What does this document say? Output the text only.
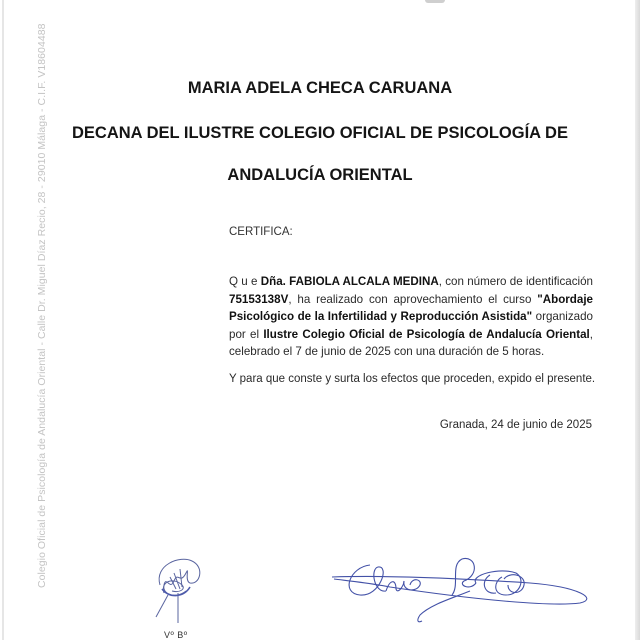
Colegio Oficial de Psicología de Andalucía Oriental - Calle Dr. Miguel Díaz Recio, 28 - 29010 Málaga - C.I.F. V18604488	MARIA ADELA CHECA CARUANA
DECANA DEL ILUSTRE COLEGIO OFICIAL DE PSICOLOGÍA DE
ANDALUCÍA ORIENTAL
CERTIFICA:
Q u e Dña. FABIOLA ALCALA MEDINA, con número de identificación 75153138V, ha realizado con aprovechamiento el curso "Abordaje Psicológico de la Infertilidad y Reproducción Asistida" organizado por el Ilustre Colegio Oficial de Psicología de Andalucía Oriental, celebrado el 7 de junio de 2025 con una duración de 5 horas.
Y para que conste y surta los efectos que proceden, expido el presente.
Granada, 24 de junio de 2025
Vº Bº
